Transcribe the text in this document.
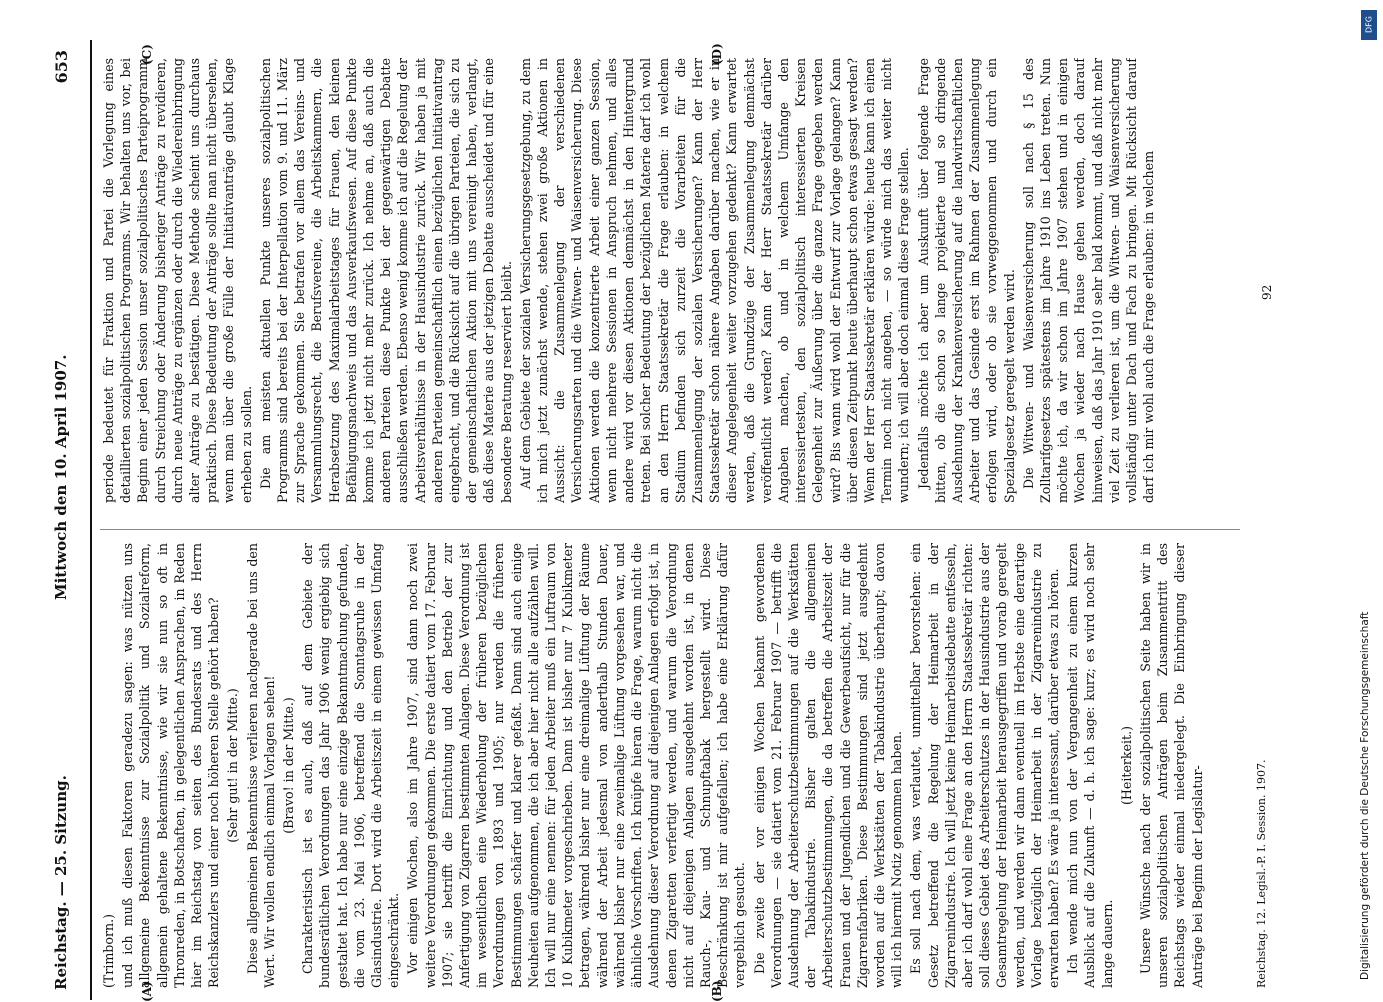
Reichstag. — 25. Sitzung.
Mittwoch den 10. April 1907.
653
(A)	(B)
(C)	(D)

(Trimborn.) und ich muß diesen Faktoren geradezu sagen: was nützen uns allgemeine Bekenntnisse zur Sozialpolitik und Sozialreform, allgemein gehaltene Bekenntnisse, wie wir sie nun so oft in Thronreden, in Botschaften, in gelegentlichen Ansprachen, in Reden hier im Reichstag von seiten des Bundesrats und des Herrn Reichskanzlers und einer noch höheren Stelle gehört haben? (Sehr gut! in der Mitte.) Diese allgemeinen Bekenntnisse verlieren nachgerade bei uns den Wert. Wir wollen endlich einmal Vorlagen sehen! (Bravo! in der Mitte.) Charakteristisch ist es auch, daß auf dem Gebiete der bundesrätlichen Verordnungen das Jahr 1906 wenig ergiebig sich gestaltet hat. Ich habe nur eine einzige Bekanntmachung gefunden, die vom 23. Mai 1906, betreffend die Sonntagsruhe in der Glasindustrie. Dort wird die Arbeitszeit in einem gewissen Umfang eingeschränkt. Vor einigen Wochen, also im Jahre 1907, sind dann noch zwei weitere Verordnungen gekommen. Die erste datiert vom 17. Februar 1907; sie betrifft die Einrichtung und den Betrieb der zur Anfertigung von Zigarren bestimmten Anlagen. Diese Verordnung ist im wesentlichen eine Wiederholung der früheren bezüglichen Verordnungen von 1893 und 1905; nur werden die früheren Bestimmungen schärfer und klarer gefaßt. Dann sind auch einige Neuheiten aufgenommen, die ich aber hier nicht alle aufzählen will. Ich will nur eine nennen: für jeden Arbeiter muß ein Luftraum von 10 Kubikmeter vorgeschrieben. Dann ist bisher nur 7 Kubikmeter betragen, während bisher nur eine dreimalige Lüftung der Räume während der Arbeit jedesmal von anderthalb Stunden Dauer, während bisher nur eine zweimalige Lüftung vorgesehen war, und ähnliche Vorschriften. Ich knüpfe hieran die Frage, warum nicht die Ausdehnung dieser Verordnung auf diejenigen Anlagen erfolgt ist, in denen Zigaretten verfertigt werden, und warum die Verordnung nicht auf diejenigen Anlagen ausgedehnt worden ist, in denen Rauch-, Kau- und Schnupftabak hergestellt wird. Diese Beschränkung ist mir aufgefallen; ich habe eine Erklärung dafür vergeblich gesucht. Die zweite der vor einigen Wochen bekannt gewordenen Verordnungen — sie datiert vom 21. Februar 1907 — betrifft die Ausdehnung der Arbeiterschutzbestimmungen auf die Werkstätten der Tabakindustrie. Bisher galten die allgemeinen Arbeiterschutzbestimmungen, die da betreffen die Arbeitszeit der Frauen und der Jugendlichen und die Gewerbeaufsicht, nur für die Zigarrenfabriken. Diese Bestimmungen sind jetzt ausgedehnt worden auf die Werkstätten der Tabakindustrie überhaupt; davon will ich hiermit Notiz genommen haben. Es soll nach dem, was verlautet, unmittelbar bevorstehen: ein Gesetz betreffend die Regelung der Heimarbeit in der Zigarrenindustrie. Ich will jetzt keine Heimarbeitsdebatte entfesseln, aber ich darf wohl eine Frage an den Herrn Staatssekretär richten: soll dieses Gebiet des Arbeiterschutzes in der Hausindustrie aus der Gesamtregelung der Heimarbeit herausgegriffen und vorab geregelt werden, und werden wir dann eventuell im Herbste eine derartige Vorlage bezüglich der Heimarbeit in der Zigarrenindustrie zu erwarten haben? Es wäre ja interessant, darüber etwas zu hören. Ich wende mich nun von der Vergangenheit zu einem kurzen Ausblick auf die Zukunft — d. h. ich sage: kurz; es wird noch sehr lange dauern.

(Heiterkeit.) Unsere Wünsche nach der sozialpolitischen Seite haben wir in unseren sozialpolitischen Anträgen beim Zusammentritt des Reichstags wieder einmal niedergelegt. Die Einbringung dieser Anträge bei Beginn der Legislatur-

periode bedeutet für Fraktion und Partei die Vorlegung eines detaillierten sozialpolitischen Programms. Wir behalten uns vor, bei Beginn einer jeden Session unser sozialpolitisches Parteiprogramm durch Streichung oder Änderung bisheriger Anträge zu revidieren, durch neue Anträge zu ergänzen oder durch die Wiedereinbringung alter Anträge zu bestätigen. Diese Methode scheint uns durchaus praktisch. Diese Bedeutung der Anträge sollte man nicht übersehen, wenn man über die große Fülle der Initiativanträge glaubt Klage erheben zu sollen. Die am meisten aktuellen Punkte unseres sozialpolitischen Programms sind bereits bei der Interpellation vom 9. und 11. März zur Sprache gekommen. Sie betrafen vor allem das Vereins- und Versammlungsrecht, die Berufsvereine, die Arbeitskammern, die Herabsetzung des Maximalarbeitstages für Frauen, den kleinen Befähigungsnachweis und das Ausverkaufswesen. Auf diese Punkte komme ich jetzt nicht mehr zurück. Ich nehme an, daß auch die anderen Parteien diese Punkte bei der gegenwärtigen Debatte ausschließen werden. Ebenso wenig komme ich auf die Regelung der Arbeitsverhältnisse in der Hausindustrie zurück. Wir haben ja mit anderen Parteien gemeinschaftlich einen bezüglichen Initiativantrag eingebracht, und die Rücksicht auf die übrigen Parteien, die sich zu der gemeinschaftlichen Aktion mit uns vereinigt haben, verlangt, daß diese Materie aus der jetzigen Debatte ausscheidet und für eine besondere Beratung reserviert bleibt. Auf dem Gebiete der sozialen Versicherungsgesetzgebung, zu dem ich mich jetzt zunächst wende, stehen zwei große Aktionen in Aussicht: die Zusammenlegung der verschiedenen Versicherungsarten und die Witwen- und Waisenversicherung. Diese Aktionen werden die konzentrierte Arbeit einer ganzen Session, wenn nicht mehrere Sessionen in Anspruch nehmen, und alles andere wird vor diesen Aktionen demnächst in den Hintergrund treten. Bei solcher Bedeutung der bezüglichen Materie darf ich wohl an den Herrn Staatssekretär die Frage erlauben: in welchem Stadium befinden sich zurzeit die Vorarbeiten für die Zusammenlegung der sozialen Versicherungen? Kann der Herr Staatssekretär schon nähere Angaben darüber machen, wie er in dieser Angelegenheit weiter vorzugehen gedenkt? Kann erwartet werden, daß die Grundzüge der Zusammenlegung demnächst veröffentlicht werden? Kann der Herr Staatssekretär darüber Angaben machen, ob und in welchem Umfange den interessiertesten, den sozialpolitisch interessierten Kreisen Gelegenheit zur Äußerung über die ganze Frage gegeben werden wird? Bis wann wird wohl der Entwurf zur Vorlage gelangen? Kann über diesen Zeitpunkt heute überhaupt schon etwas gesagt werden? Wenn der Herr Staatssekretär erklären würde: heute kann ich einen Termin noch nicht angeben, — so würde mich das weiter nicht wundern; ich will aber doch einmal diese Frage stellen. Jedenfalls möchte ich aber um Auskunft über folgende Frage bitten, ob die schon so lange projektierte und so dringende Ausdehnung der Krankenversicherung auf die landwirtschaftlichen Arbeiter und das Gesinde erst im Rahmen der Zusammenlegung erfolgen wird, oder ob sie vorweggenommen und durch ein Spezialgesetz geregelt werden wird. Die Witwen- und Waisenversicherung soll nach § 15 des Zolltarifgesetzes spätestens im Jahre 1910 ins Leben treten. Nun möchte ich, da wir schon im Jahre 1907 stehen und in einigen Wochen ja wieder nach Hause gehen werden, doch darauf hinweisen, daß das Jahr 1910 sehr bald kommt, und daß nicht mehr viel Zeit zu verlieren ist, um die Witwen- und Waisenversicherung vollständig unter Dach und Fach zu bringen. Mit Rücksicht darauf darf ich mir wohl auch die Frage erlauben: in welchem

Reichstag. 12. Legisl.-P. I. Session. 1907.
92
Digitalisierung gefördert durch die Deutsche Forschungsgemeinschaft
DFG
